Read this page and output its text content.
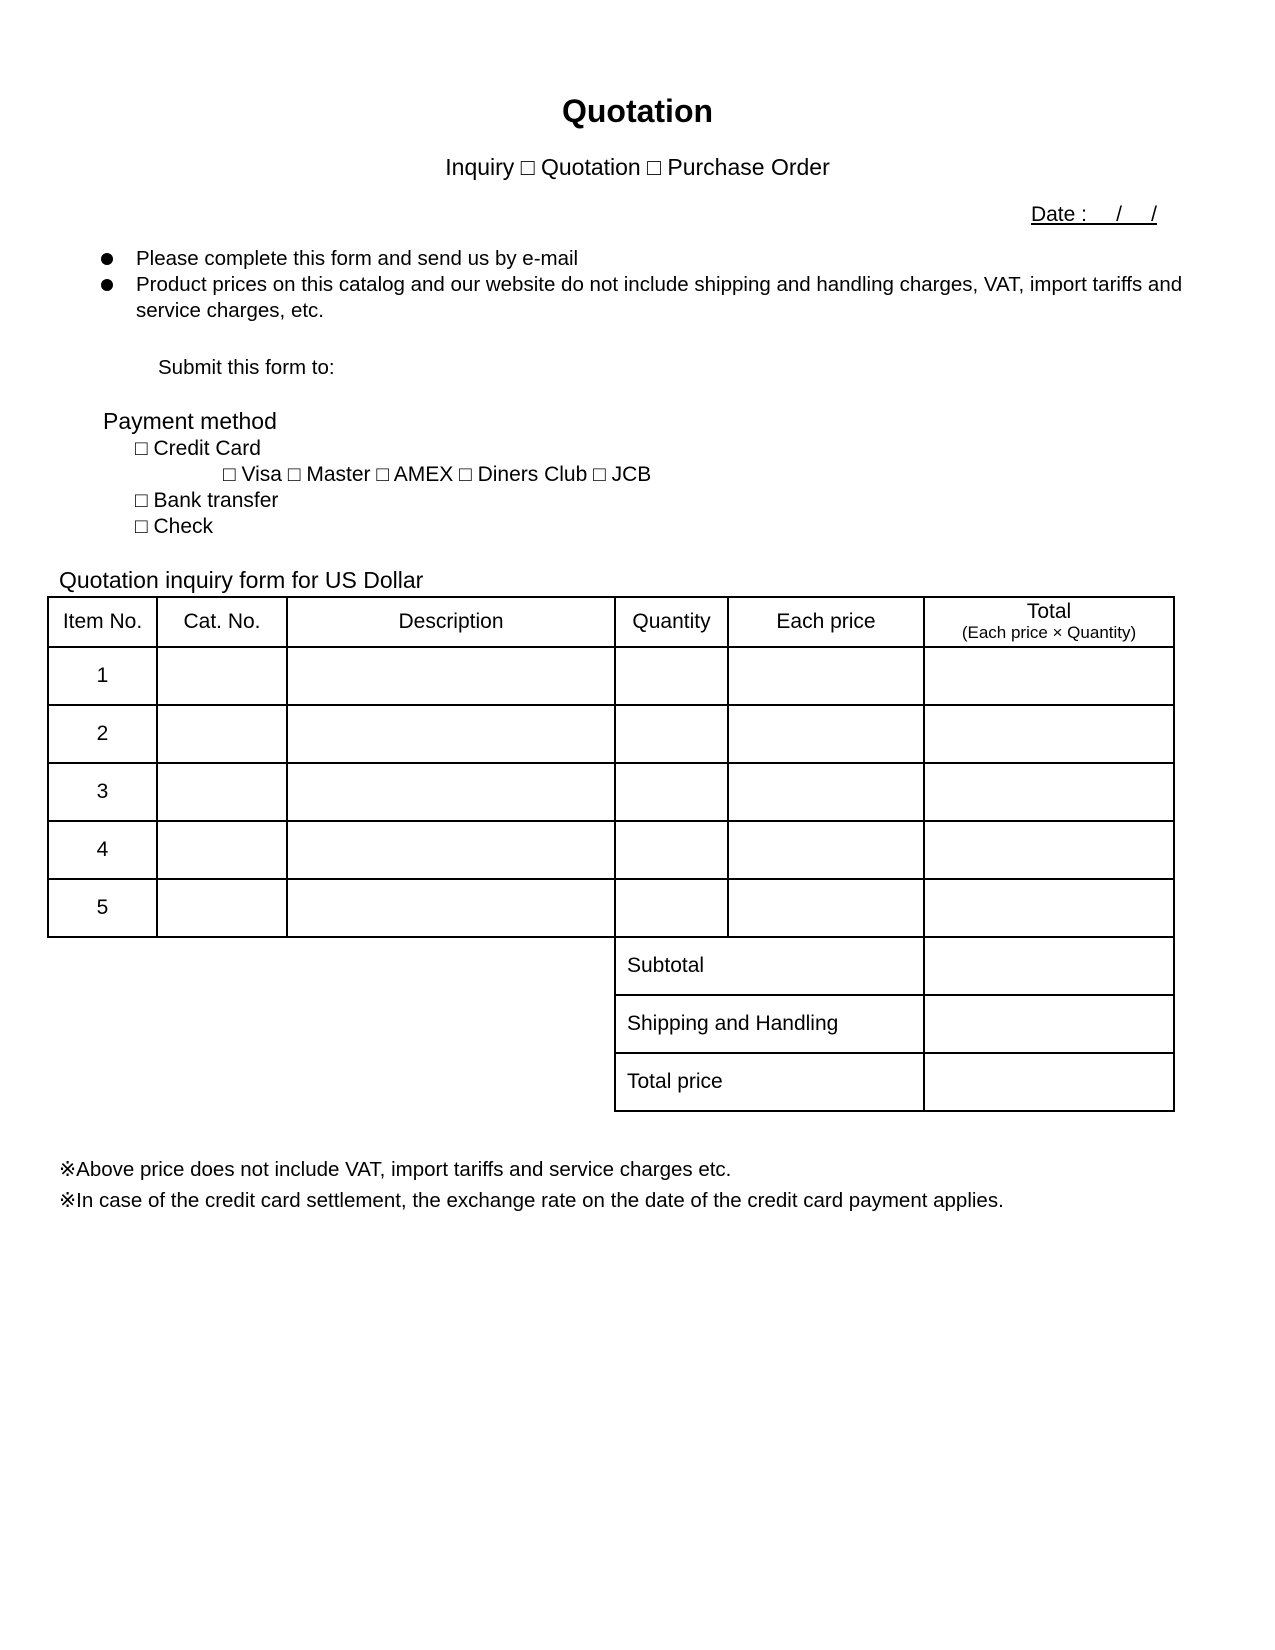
Quotation
Inquiry □ Quotation □ Purchase Order
Date :     /     /
Please complete this form and send us by e-mail
Product prices on this catalog and our website do not include shipping and handling charges, VAT, import tariffs and service charges, etc.
Submit this form to:
Payment method
□ Credit Card
□ Visa □ Master □ AMEX □ Diners Club □ JCB
□ Bank transfer
□ Check
Quotation inquiry form for US Dollar
Item No.	Cat. No.	Description	Quantity	Each price	Total
(Each price × Quantity)

1					
2					
3					
4					
5					
			Subtotal		
			Shipping and Handling		
			Total price		
※Above price does not include VAT, import tariffs and service charges etc.
※In case of the credit card settlement, the exchange rate on the date of the credit card payment applies.
